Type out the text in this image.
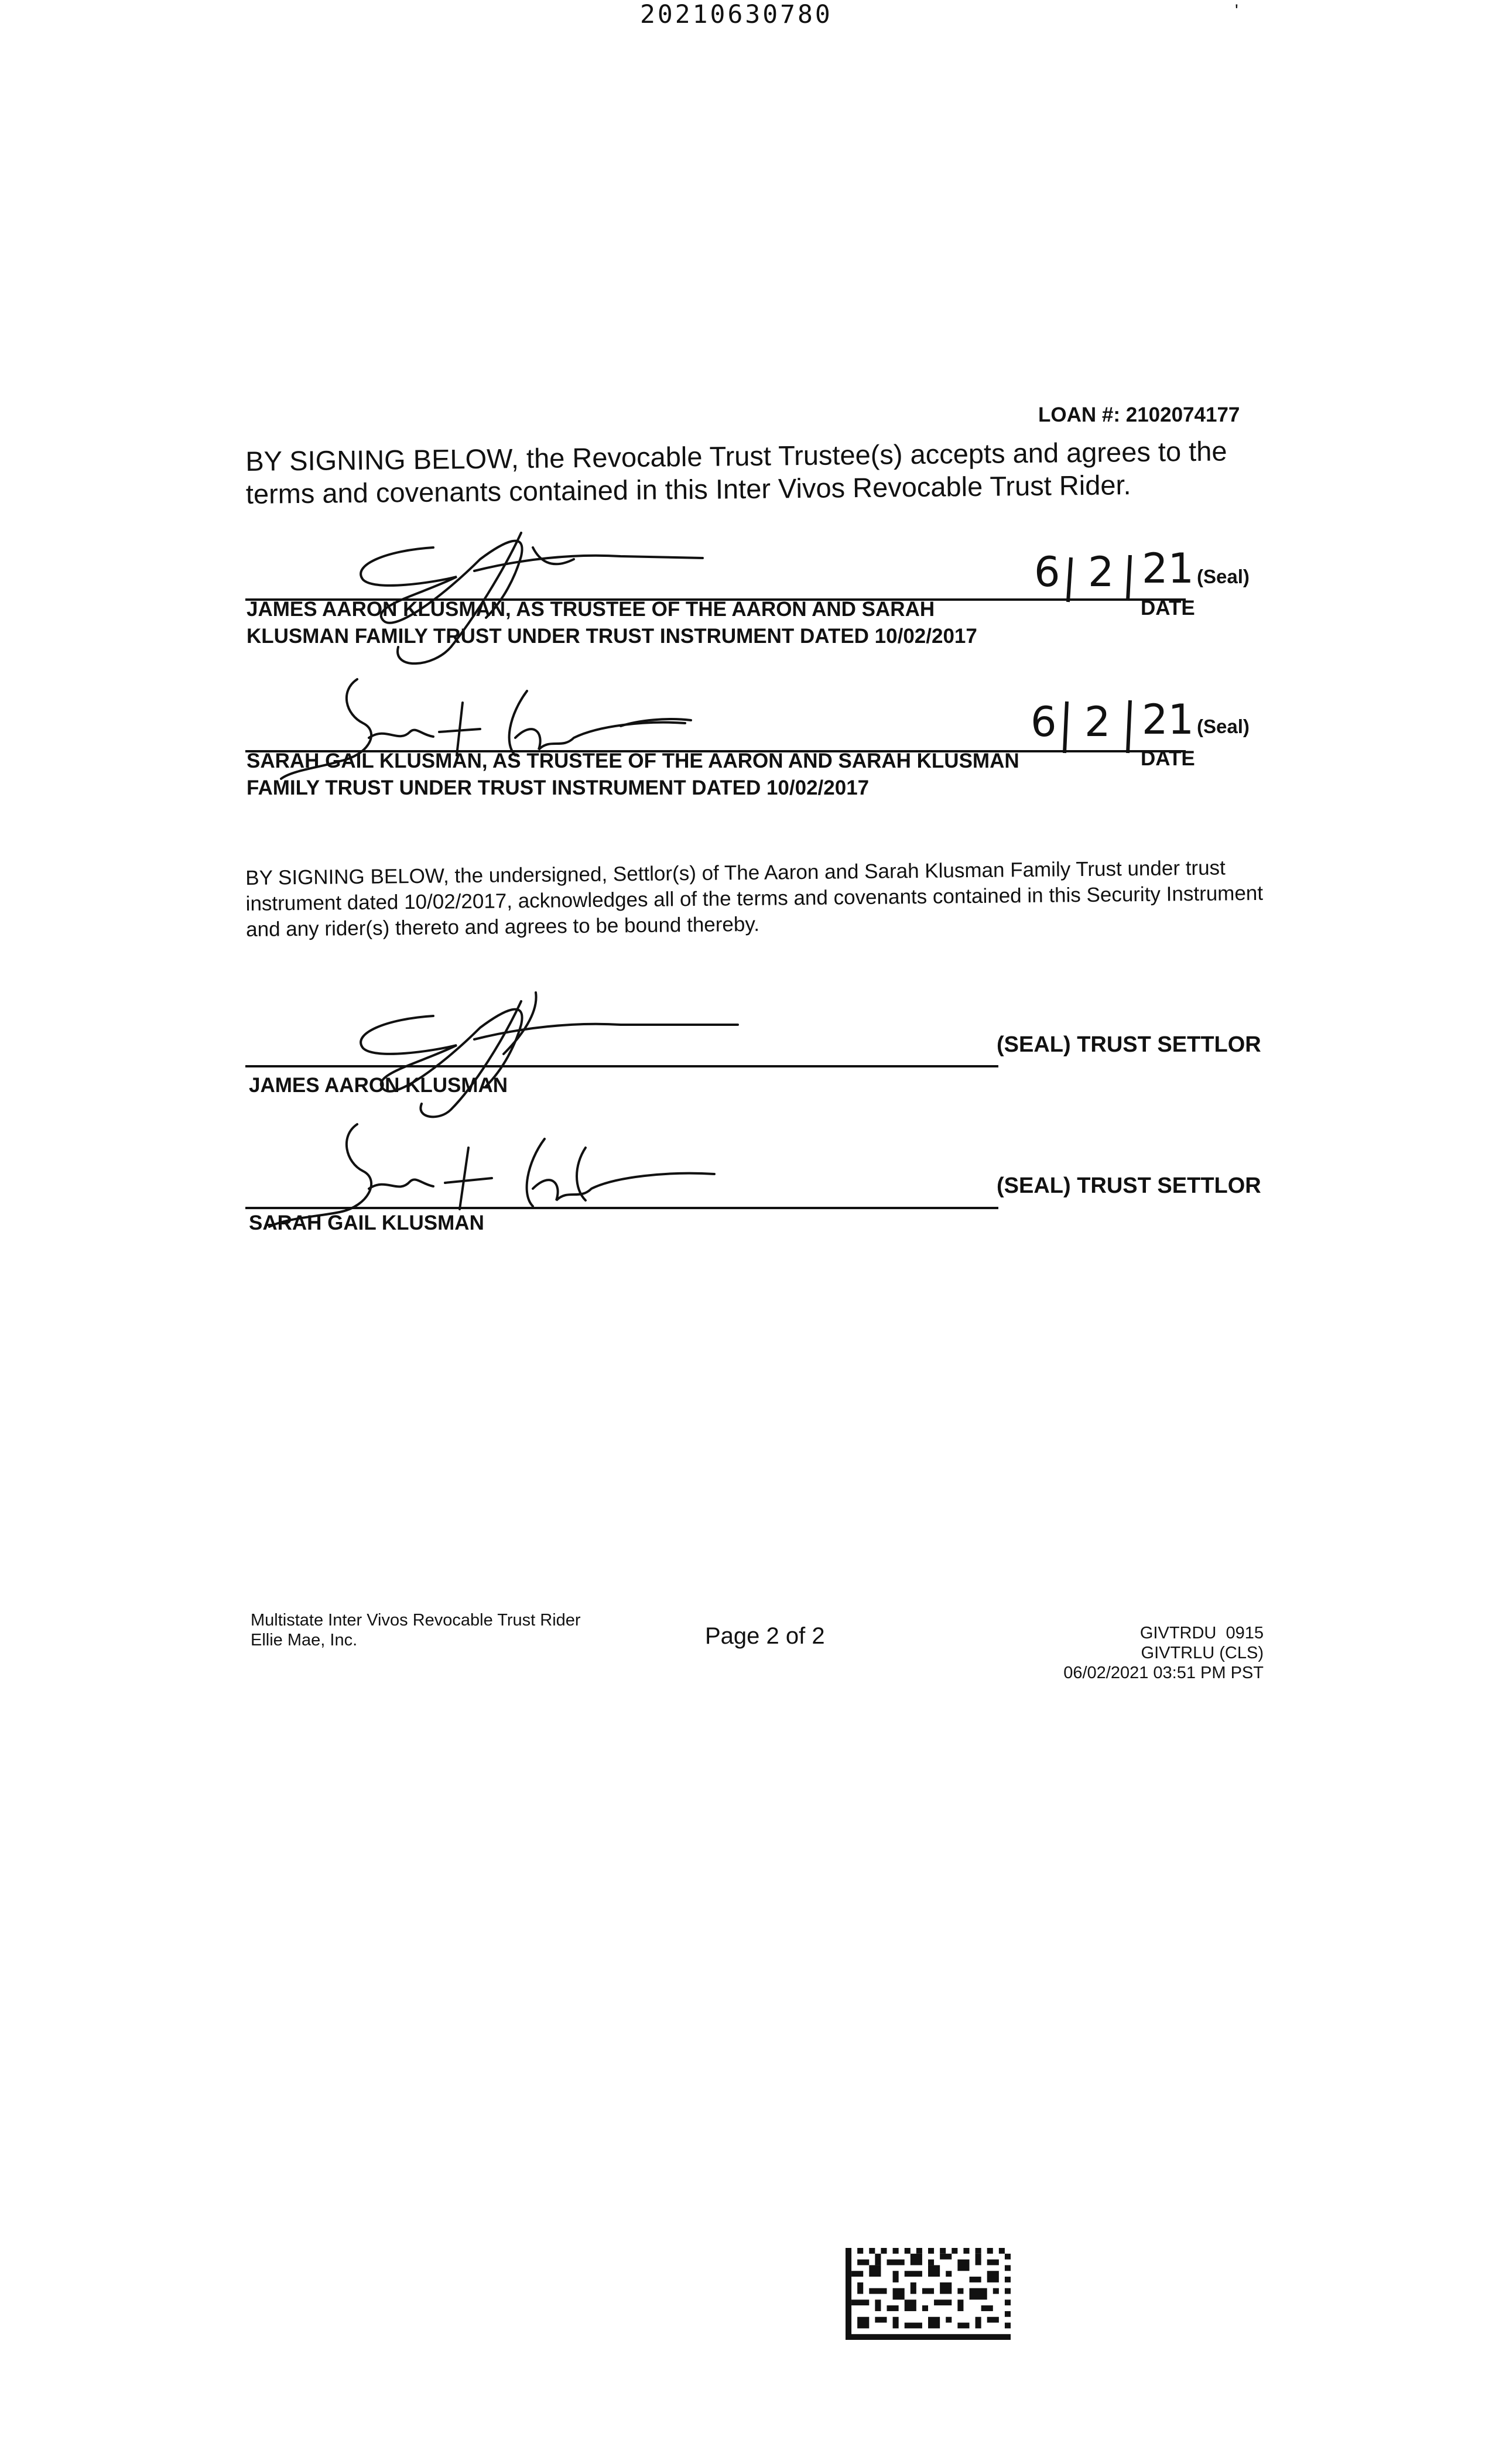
20210630780	'
LOAN #: 2102074177

BY SIGNING BELOW, the Revocable Trust Trustee(s) accepts and agrees to the terms and covenants contained in this Inter Vivos Revocable Trust Rider.

JAMES AARON KLUSMAN, AS TRUSTEE OF THE AARON AND SARAH
KLUSMAN FAMILY TRUST UNDER TRUST INSTRUMENT DATED 10/02/2017
(Seal)
DATE
6 2 21
SARAH GAIL KLUSMAN, AS TRUSTEE OF THE AARON AND SARAH KLUSMAN
FAMILY TRUST UNDER TRUST INSTRUMENT DATED 10/02/2017
(Seal)
DATE
6 2 21

BY SIGNING BELOW, the undersigned, Settlor(s) of The Aaron and Sarah Klusman Family Trust under trust instrument dated 10/02/2017, acknowledges all of the terms and covenants contained in this Security Instrument and any rider(s) thereto and agrees to be bound thereby.

JAMES AARON KLUSMAN
(SEAL) TRUST SETTLOR
SARAH GAIL KLUSMAN
(SEAL) TRUST SETTLOR
Multistate Inter Vivos Revocable Trust Rider
Ellie Mae, Inc.	Page 2 of 2	GIVTRDU  0915
GIVTRLU (CLS)
06/02/2021 03:51 PM PST
